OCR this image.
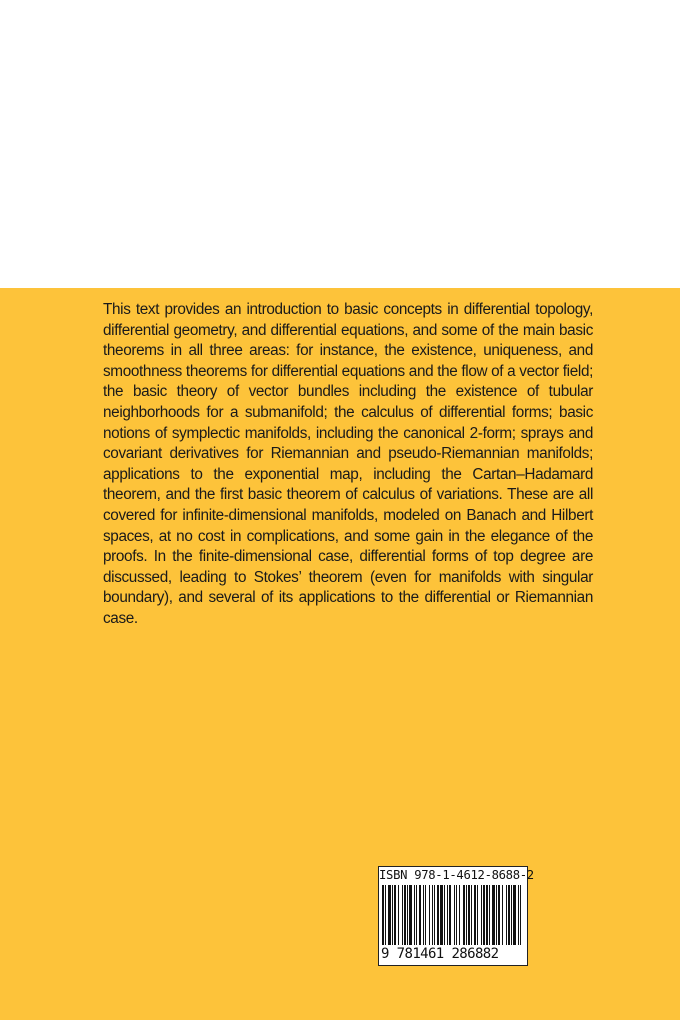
This text provides an introduction to basic concepts in differential topology, differential geometry, and differential equations, and some of the main basic theorems in all three areas: for instance, the existence, uniqueness, and smoothness theorems for differential equations and the flow of a vector field; the basic theory of vector bundles including the existence of tubular neighborhoods for a submanifold; the calculus of differential forms; basic notions of symplectic manifolds, including the canonical 2-form; sprays and covariant derivatives for Riemannian and pseudo-Riemannian manifolds; applications to the exponential map, including the Cartan–Hadamard theorem, and the first basic theorem of calculus of variations. These are all covered for infinite-dimensional manifolds, modeled on Banach and Hilbert spaces, at no cost in complications, and some gain in the elegance of the proofs. In the finite-dimensional case, differential forms of top degree are discussed, leading to Stokes’ theorem (even for manifolds with singular boundary), and several of its applications to the differential or Riemannian case.

ISBN 978-1-4612-8688-2
9 781461 286882
